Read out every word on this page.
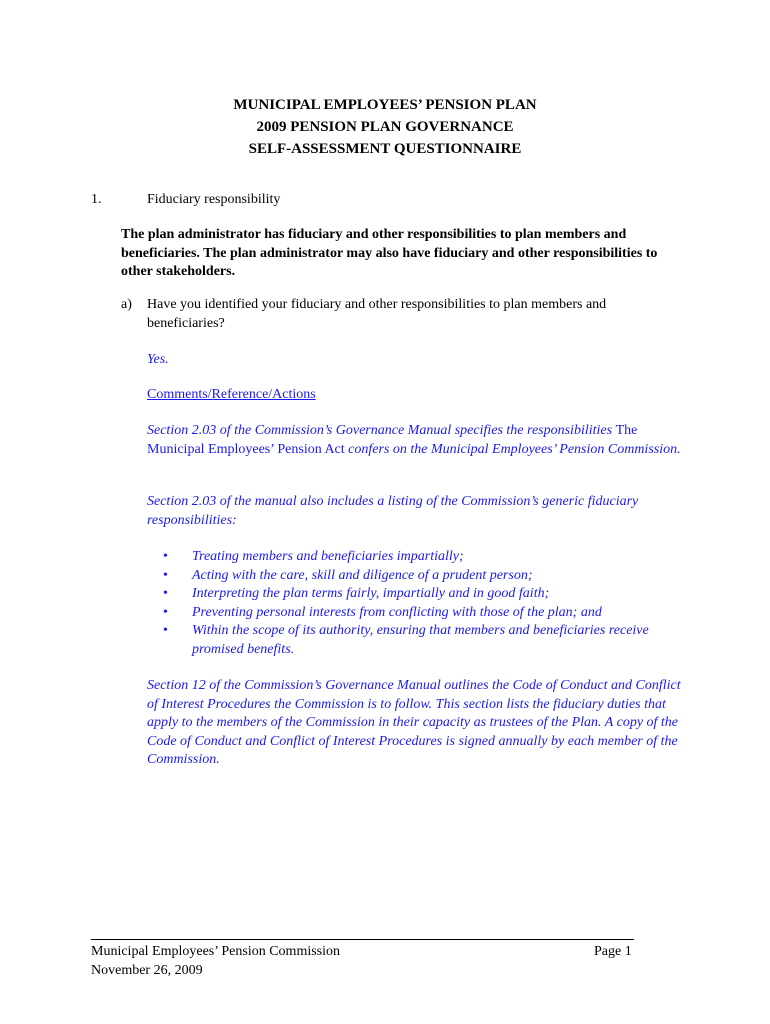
MUNICIPAL EMPLOYEES’ PENSION PLAN
2009 PENSION PLAN GOVERNANCE
SELF-ASSESSMENT QUESTIONNAIRE
1.	Fiduciary responsibility
The plan administrator has fiduciary and other responsibilities to plan members and beneficiaries. The plan administrator may also have fiduciary and other responsibilities to other stakeholders.
a) Have you identified your fiduciary and other responsibilities to plan members and beneficiaries?
Yes.
Comments/Reference/Actions
Section 2.03 of the Commission’s Governance Manual specifies the responsibilities The Municipal Employees’ Pension Act confers on the Municipal Employees’ Pension Commission.
Section 2.03 of the manual also includes a listing of the Commission’s generic fiduciary responsibilities:
• Treating members and beneficiaries impartially;
• Acting with the care, skill and diligence of a prudent person;
• Interpreting the plan terms fairly, impartially and in good faith;
• Preventing personal interests from conflicting with those of the plan; and
• Within the scope of its authority, ensuring that members and beneficiaries receive promised benefits.
Section 12 of the Commission’s Governance Manual outlines the Code of Conduct and Conflict of Interest Procedures the Commission is to follow. This section lists the fiduciary duties that apply to the members of the Commission in their capacity as trustees of the Plan. A copy of the Code of Conduct and Conflict of Interest Procedures is signed annually by each member of the Commission.
Municipal Employees’ Pension Commission
November 26, 2009
Page 1
